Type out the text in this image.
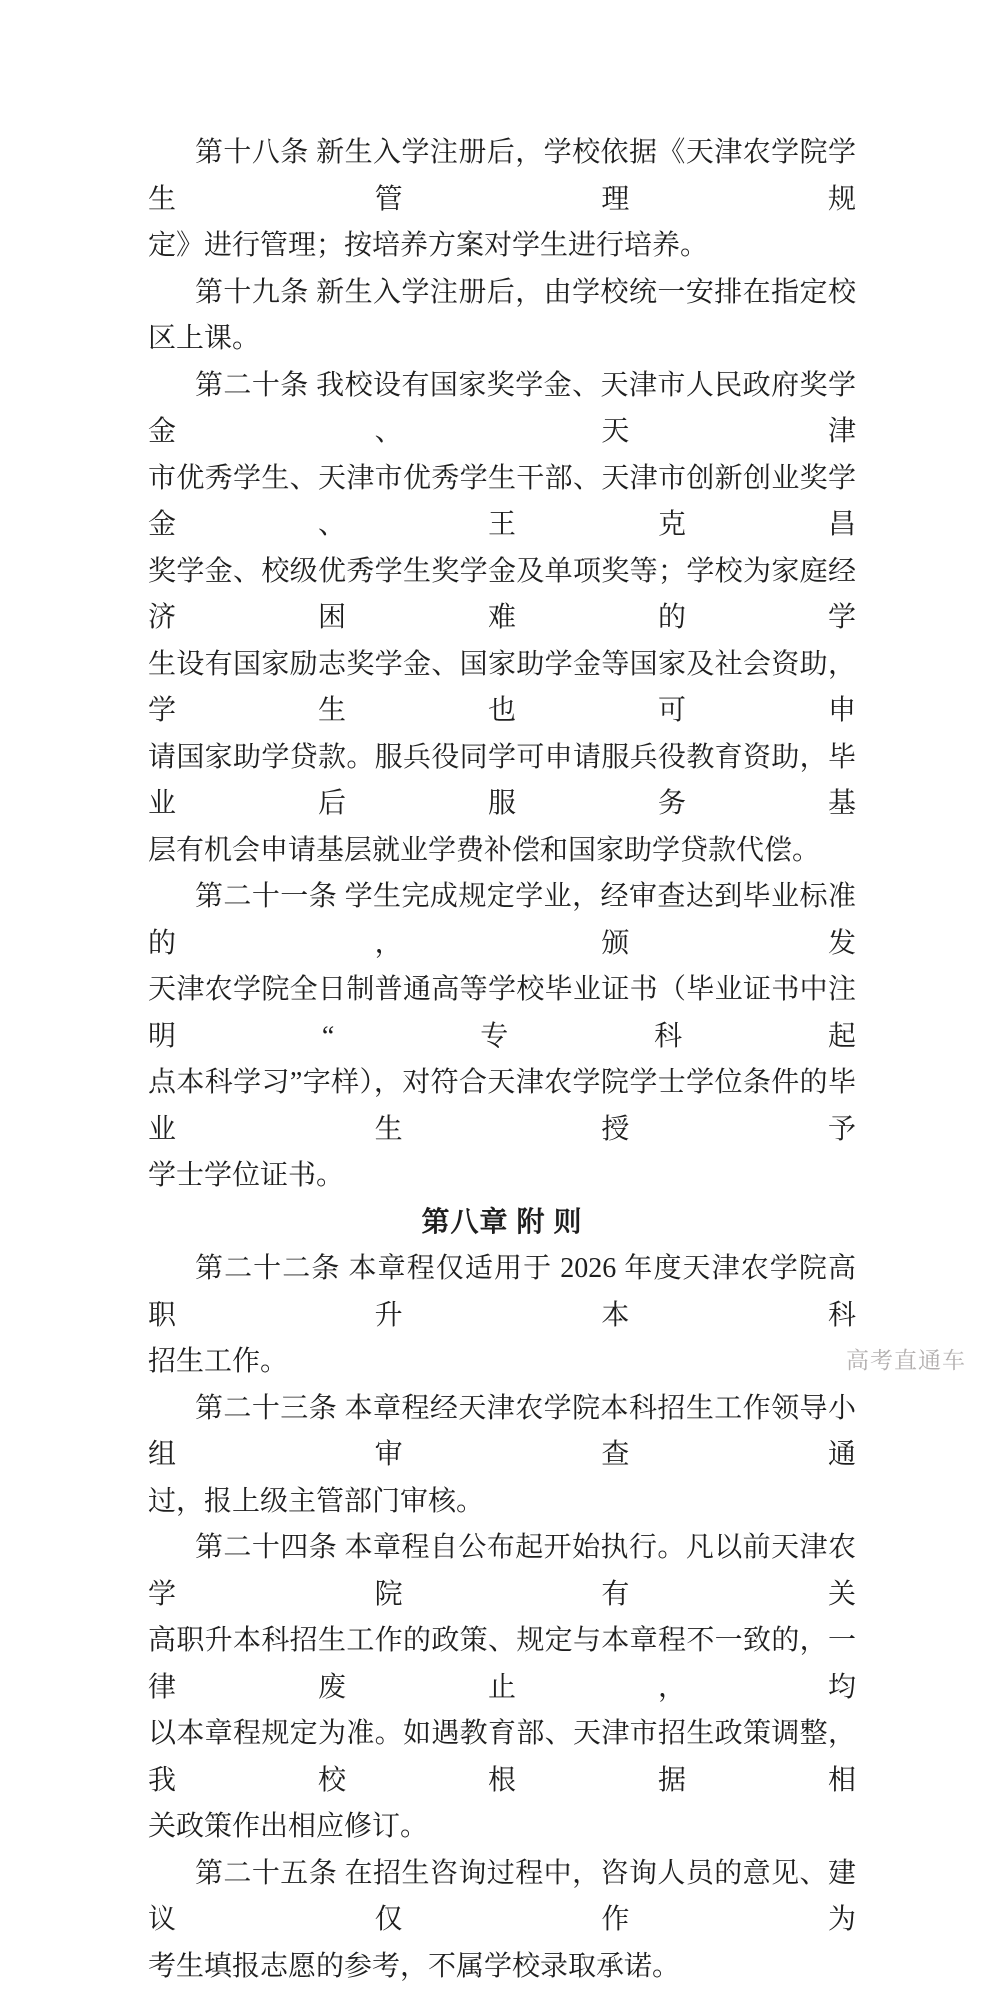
第十八条 新生入学注册后，学校依据《天津农学院学生管理规
定》进行管理；按培养方案对学生进行培养。
第十九条 新生入学注册后，由学校统一安排在指定校区上课。
第二十条 我校设有国家奖学金、天津市人民政府奖学金、天津
市优秀学生、天津市优秀学生干部、天津市创新创业奖学金、王克昌
奖学金、校级优秀学生奖学金及单项奖等；学校为家庭经济困难的学
生设有国家励志奖学金、国家助学金等国家及社会资助，学生也可申
请国家助学贷款。服兵役同学可申请服兵役教育资助，毕业后服务基
层有机会申请基层就业学费补偿和国家助学贷款代偿。
第二十一条 学生完成规定学业，经审查达到毕业标准的，颁发
天津农学院全日制普通高等学校毕业证书（毕业证书中注明“专科起
点本科学习”字样），对符合天津农学院学士学位条件的毕业生授予
学士学位证书。
第八章 附 则
第二十二条 本章程仅适用于 2026 年度天津农学院高职升本科
招生工作。
第二十三条 本章程经天津农学院本科招生工作领导小组审查通
过，报上级主管部门审核。
第二十四条 本章程自公布起开始执行。凡以前天津农学院有关
高职升本科招生工作的政策、规定与本章程不一致的，一律废止，均
以本章程规定为准。如遇教育部、天津市招生政策调整，我校根据相
关政策作出相应修订。
第二十五条 在招生咨询过程中，咨询人员的意见、建议仅作为
考生填报志愿的参考，不属学校录取承诺。
高考直通车
